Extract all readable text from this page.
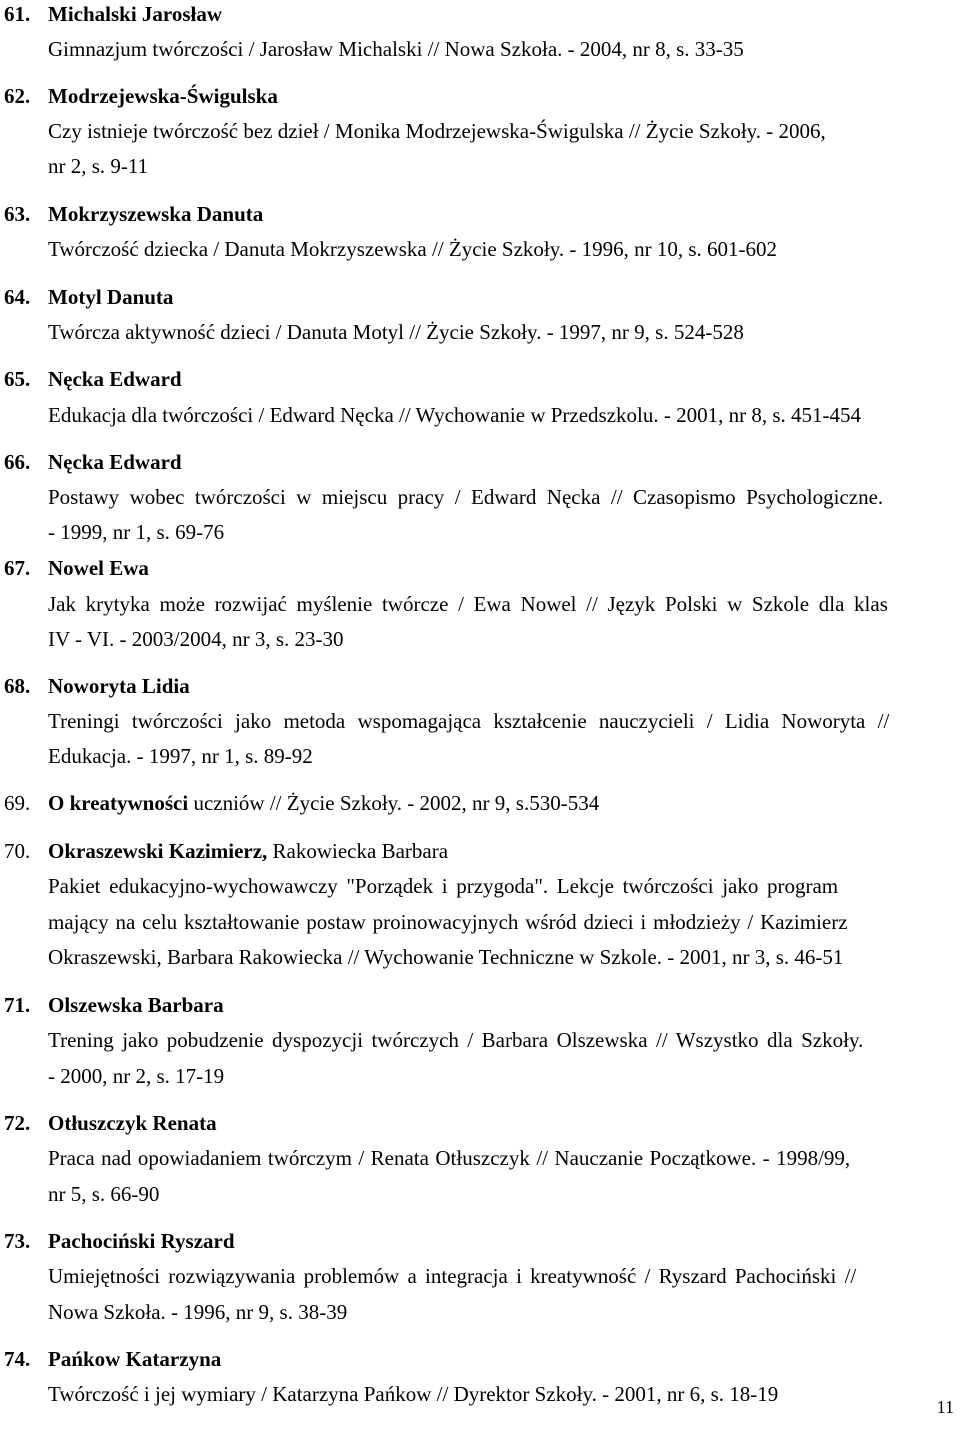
61. Michalski Jarosław
Gimnazjum twórczości / Jarosław Michalski // Nowa Szkoła. - 2004, nr 8, s. 33-35
62. Modrzejewska-Świgulska
Czy istnieje twórczość bez dzieł / Monika Modrzejewska-Świgulska // Życie Szkoły. - 2006,
nr 2, s. 9-11
63. Mokrzyszewska Danuta
Twórczość dziecka / Danuta Mokrzyszewska // Życie Szkoły. - 1996, nr 10, s. 601-602
64. Motyl Danuta
Twórcza aktywność dzieci / Danuta Motyl // Życie Szkoły. - 1997, nr 9, s. 524-528
65. Nęcka Edward
Edukacja dla twórczości / Edward Nęcka // Wychowanie w Przedszkolu. - 2001, nr 8, s. 451-454
66. Nęcka Edward
Postawy wobec twórczości w miejscu pracy / Edward Nęcka // Czasopismo Psychologiczne.
- 1999, nr 1, s. 69-76
67. Nowel Ewa
Jak krytyka może rozwijać myślenie twórcze / Ewa Nowel // Język Polski w Szkole dla klas
IV - VI. - 2003/2004, nr 3, s. 23-30
68. Noworyta Lidia
Treningi twórczości jako metoda wspomagająca kształcenie nauczycieli / Lidia Noworyta //
Edukacja. - 1997, nr 1, s. 89-92
69. O kreatywności uczniów // Życie Szkoły. - 2002, nr 9, s.530-534
70. Okraszewski Kazimierz, Rakowiecka Barbara
Pakiet edukacyjno-wychowawczy "Porządek i przygoda". Lekcje twórczości jako program
mający na celu kształtowanie postaw proinowacyjnych wśród dzieci i młodzieży / Kazimierz
Okraszewski, Barbara Rakowiecka // Wychowanie Techniczne w Szkole. - 2001, nr 3, s. 46-51
71. Olszewska Barbara
Trening jako pobudzenie dyspozycji twórczych / Barbara Olszewska // Wszystko dla Szkoły.
- 2000, nr 2, s. 17-19
72. Otłuszczyk Renata
Praca nad opowiadaniem twórczym / Renata Otłuszczyk // Nauczanie Początkowe. - 1998/99,
nr 5, s. 66-90
73. Pachociński Ryszard
Umiejętności rozwiązywania problemów a integracja i kreatywność / Ryszard Pachociński //
Nowa Szkoła. - 1996, nr 9, s. 38-39
74. Pańkow Katarzyna
Twórczość i jej wymiary / Katarzyna Pańkow // Dyrektor Szkoły. - 2001, nr 6, s. 18-19
11
